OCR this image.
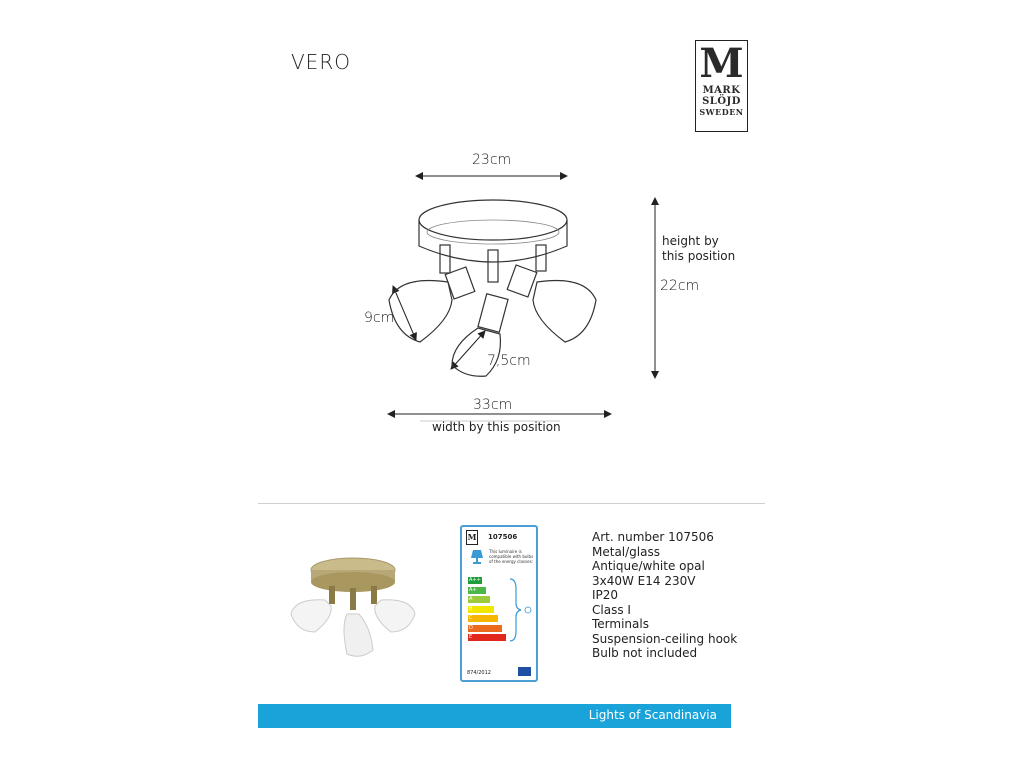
VERO	M
MARK
SLÖJD
SWEDEN
23cm
height by
this position
22cm
9cm
7,5cm
33cm
width by this position
M 107506
This luminaire is compatible with bulbs of the energy classes:
A++
A+
A
B
C
D
E
874/2012
Art. number 107506
Metal/glass
Antique/white opal
3x40W E14 230V
IP20
Class I
Terminals
Suspension-ceiling hook
Bulb not included
Lights of Scandinavia
